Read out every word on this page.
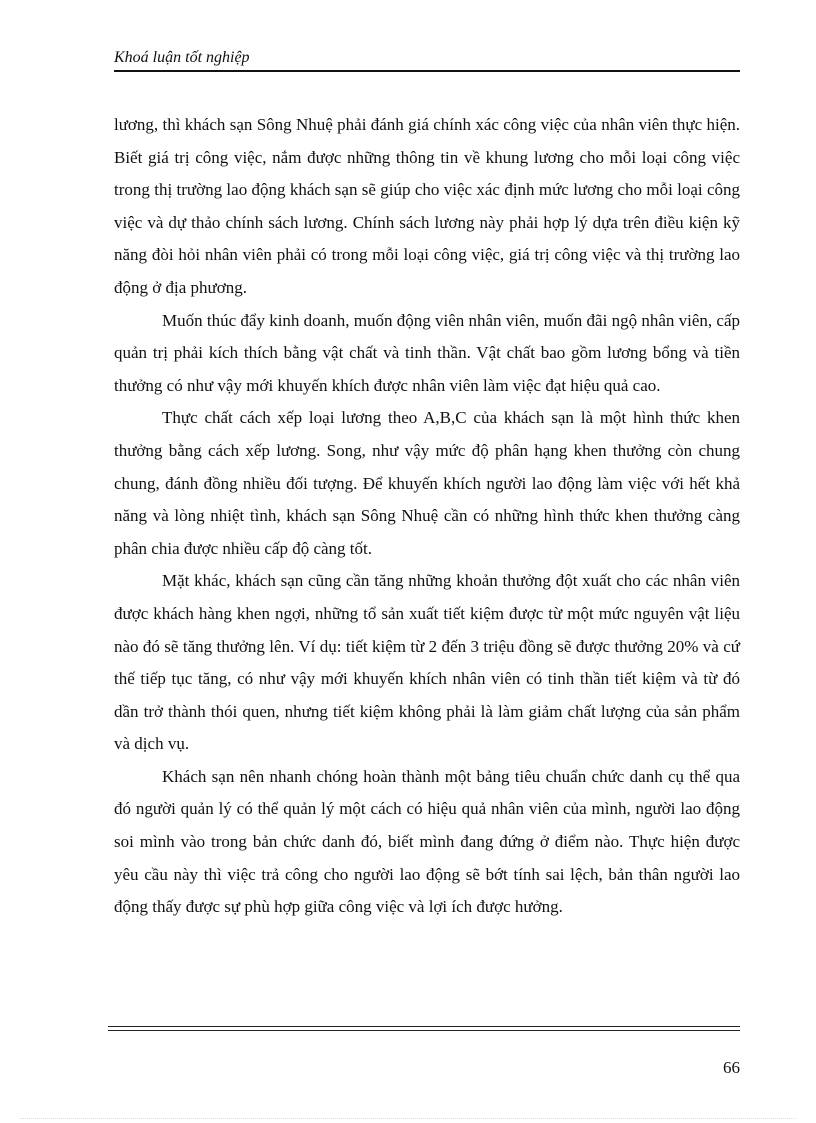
Khoá luận tốt nghiệp

lương, thì khách sạn Sông Nhuệ phải đánh giá chính xác công việc của nhân viên thực hiện. Biết giá trị công việc, nắm được những thông tin về khung lương cho mỗi loại công việc trong thị trường lao động khách sạn sẽ giúp cho việc xác định mức lương cho mỗi loại công việc và dự thảo chính sách lương. Chính sách lương này phải hợp lý dựa trên điều kiện kỹ năng đòi hỏi nhân viên phải có trong mỗi loại công việc, giá trị công việc và thị trường lao động ở địa phương.

Muốn thúc đẩy kinh doanh, muốn động viên nhân viên, muốn đãi ngộ nhân viên, cấp quản trị phải kích thích bằng vật chất và tinh thần. Vật chất bao gồm lương bổng và tiền thưởng có như vậy mới khuyến khích được nhân viên làm việc đạt hiệu quả cao.

Thực chất cách xếp loại lương theo A,B,C của khách sạn là một hình thức khen thưởng bằng cách xếp lương. Song, như vậy mức độ phân hạng khen thưởng còn chung chung, đánh đồng nhiều đối tượng. Để khuyến khích người lao động làm việc với hết khả năng và lòng nhiệt tình, khách sạn Sông Nhuệ cần có những hình thức khen thưởng càng phân chia được nhiều cấp độ càng tốt.

Mặt khác, khách sạn cũng cần tăng những khoản thưởng đột xuất cho các nhân viên được khách hàng khen ngợi, những tổ sản xuất tiết kiệm được từ một mức nguyên vật liệu nào đó sẽ tăng thưởng lên. Ví dụ: tiết kiệm từ 2 đến 3 triệu đồng sẽ được thưởng 20% và cứ thế tiếp tục tăng, có như vậy mới khuyến khích nhân viên có tinh thần tiết kiệm và từ đó dần trở thành thói quen, nhưng tiết kiệm không phải là làm giảm chất lượng của sản phẩm và dịch vụ.

Khách sạn nên nhanh chóng hoàn thành một bảng tiêu chuẩn chức danh cụ thể qua đó người quản lý có thể quản lý một cách có hiệu quả nhân viên của mình, người lao động soi mình vào trong bản chức danh đó, biết mình đang đứng ở điểm nào. Thực hiện được yêu cầu này thì việc trả công cho người lao động sẽ bớt tính sai lệch, bản thân người lao động thấy được sự phù hợp giữa công việc và lợi ích được hưởng.

66
